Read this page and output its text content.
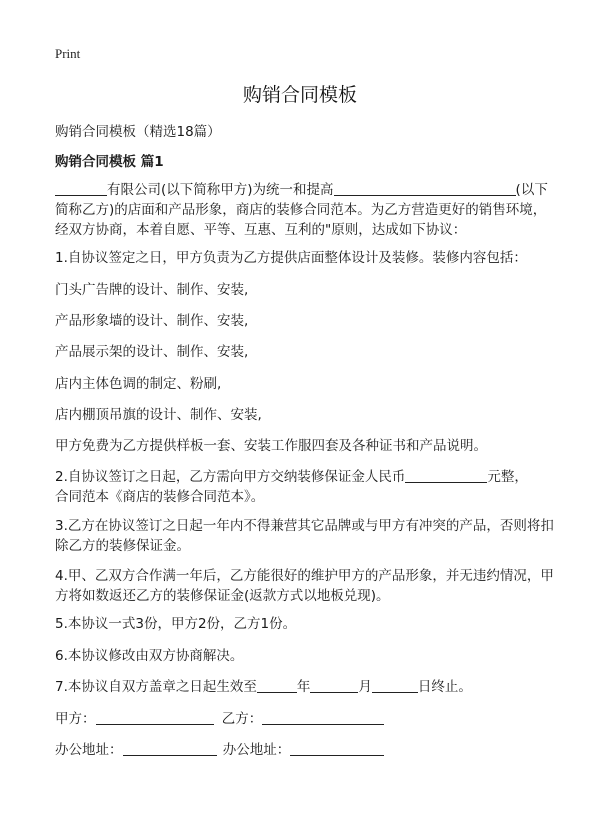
Print
购销合同模板
购销合同模板（精选18篇）
购销合同模板 篇1
有限公司(以下简称甲方)为统一和提高	(以下简称乙方)的店面和产品形象，商店的装修合同范本。为乙方营造更好的销售环境，经双方协商，本着自愿、平等、互惠、互利的"原则，达成如下协议：
1.自协议签定之日，甲方负责为乙方提供店面整体设计及装修。装修内容包括：
门头广告牌的设计、制作、安装,
产品形象墙的设计、制作、安装,
产品展示架的设计、制作、安装,
店内主体色调的制定、粉刷,
店内棚顶吊旗的设计、制作、安装,
甲方免费为乙方提供样板一套、安装工作服四套及各种证书和产品说明。
2.自协议签订之日起，乙方需向甲方交纳装修保证金人民币	元整，
合同范本《商店的装修合同范本》。
3.乙方在协议签订之日起一年内不得兼营其它品牌或与甲方有冲突的产品，否则将扣除乙方的装修保证金。
4.甲、乙双方合作满一年后，乙方能很好的维护甲方的产品形象，并无违约情况，甲方将如数返还乙方的装修保证金(返款方式以地板兑现)。
5.本协议一式3份，甲方2份，乙方1份。
6.本协议修改由双方协商解决。
7.本协议自双方盖章之日起生效至	年	月	日终止。
甲方：	乙方：
办公地址：	办公地址：
